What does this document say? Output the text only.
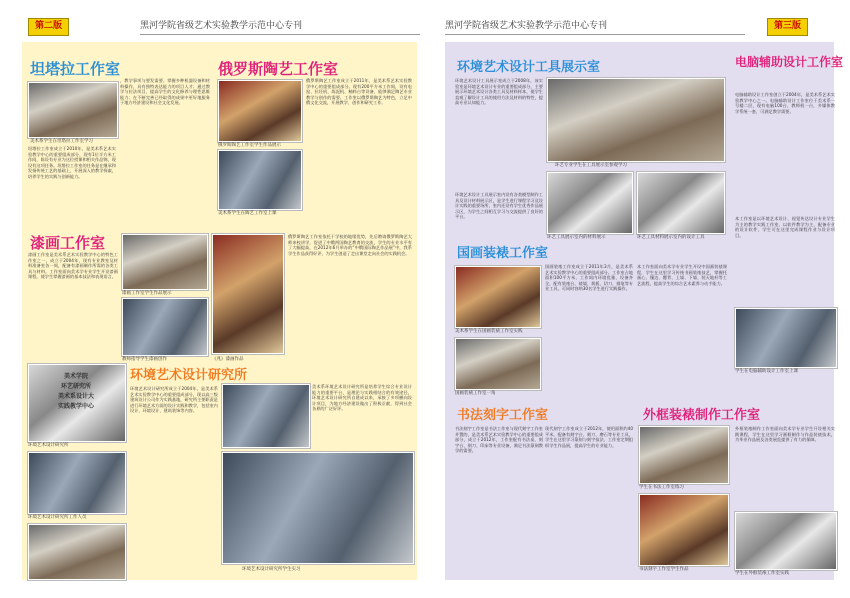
黑河学院省级艺术实验教学示范中心专刊
第二版
坦塔拉工作室
美术系学生在坦塔拉工作室学习
坦塔拉工作室成立于2010年，是美术系艺术实验教学中心的重要组成部分，现有1位半方米工作间，陈设有专业为这位授课和相关作品锦，现设有这项任务。坦塔拉工作室的任务是在继承和发扬传统工艺的基础上，开展深入的教学探索，培养学生的实践与创新能力。
，教学事项与要发需要。掌握多种机器设备和材料操作，具有独特表达能力的项目人才；通过教学与拉法项目，提高学生的文化修养与理性思维能力；在不断完善已经取得的成果中更好地服务于地方经济建设和社会文化发展。
俄罗斯陶艺工作室
俄罗斯陶艺工作室学生作品展示
美术系学生在陶艺工作室上课
俄罗斯陶艺工作室成立于2011年，是美术系艺术实验教学中心的重要组成部分。现有200平方米工作间，设有电窑、拉坯机、练泥机、釉料台等设备，能够满足陶艺专业教学与创作的需要。工作室以俄罗斯陶艺为特色，立足中俄文化交流，开展教学、创作和研究工作。
漆画工作室
漆画工作室是美术系艺术实验教学中心的特色工作室之一，成立于2004年，现有专业教室及材料准备室各一间，配备有漆画制作所需的各类工具与材料。工作室面向美术学专业学生开设漆画课程，使学生掌握漆画的基本技法和表现语言。
漆画工作室学生作品展示
教师指导学生漆画创作	《兆》漆画作品
俄罗斯陶艺工作室依托于学校的地缘优势，先后聘请俄罗斯陶艺大师来校讲学，促进了中俄两国陶艺教育的交流，学生的专业水平有了大幅提高，在2012年6月举办的“中俄国际陶艺作品展”中，我系学生作品获得好评，为学生创造了走出课堂走向社会的实践机会。
美术学院
环艺研究所
美术系设计大
实践教学中心
环境艺术设计研究所
环境艺术设计研究所工作人员
环境艺术设计研究所
环境艺术设计研究所成立于2004年，是美术系艺术实验教学中心的重要组成部分，现以高三级建筑设计公司作为实践基地，研究所主要职责是进行环境艺术方面的设计实践和教学，包括室内设计、环境设计、建筑装饰等内容。
美术系环境艺术设计研究所是培养学生综合专业设计能力的重要平台，是理论与实践相结合的有效途径，环境艺术设计研究所自建成以来，承接了多项横向设计项目，为地方经济建设做出了积极贡献，得到社会各界的广泛好评。
环境艺术设计研究所学生实习
黑河学院省级艺术实验教学示范中心专刊	第三版
环境艺术设计工具展示室
环境艺术设计工具展示室成立于2008年，该实验室是环境艺术设计专业的重要组成部分，主要展示环境艺术设计各类工具及材料样本，使学生直观了解设计工具的使用方法及材料的特性，提高专业认知能力。
环艺专业学生在工具展示室参观学习
环境艺术设计工具展示室内设有各类模型制作工具及设计材料展示区，是学生进行课程学习及设计实践的重要场所，室内还设有学生优秀作品展示区，为学生之间相互学习与交流提供了良好的平台。
环艺工具展示室内的材料展示	环艺工具材料展示室内的设计工具
电脑辅助设计工作室
电脑辅助设计工作室创立于2004年，是美术系艺术实验教学中心之一。电脑辅助设计工作室位于美术系一号楼二层，现有电脑100台，教师机一台，多媒体教学系统一套，可满足教学需要。
本工作室是以环境艺术设计、视觉传达设计专业学生为主的教学实践工作室，以软件教学为主，配备专业的设计软件，学生可在这里完成课程作业与设计项目。
学生在电脑辅助设计工作室上课
国画装裱工作室
美术系学生在国画装裱工作室实践
国画装裱工作室一角
国画装裱工作室成立于2011年3月，是美术系艺术实验教学中心的重要组成部分。工作室占地面积100平方米，工作间内环境优雅，设备齐全，配有装裱台、裱墙、裁板、切刀、排笔等专业工具，可同时容纳30名学生进行实践操作。
本工作室面向美术学专业学生开设中国画装裱课程，学生在这里学习传统书画装裱技艺，掌握托画心、镶边、覆背、上墙、下墙、装天地杆等工艺流程，提高学生的综合艺术素养与动手能力。
书法刻字工作室
书法刻字工作室是书法工作室与现代刻字工作室并置的，是美术系艺术实验教学中心的重要组成部分，成立于2012年，工作室配有书法桌、刻字台、刻刀、印床等专业设备，满足书法篆刻教学的需要。
现代刻字工作室成立于2012年，使用面积约40平米，配备有刻字台、刻刀、磨石等专业工具，学生在这里学习篆刻与刻字技法，工作室定期组织学生作品展，提高学生的专业能力。
学生在书法工作室练习
书法刻字工作室学生作品
外框装裱制作工作室
外框装裱制作工作室面向美术学专业学生开设相关实践课程，学生在这里学习画框制作与作品装裱技术，为毕业作品展及各类展览提供了有力的保障。
学生在外框装裱工作室实践
